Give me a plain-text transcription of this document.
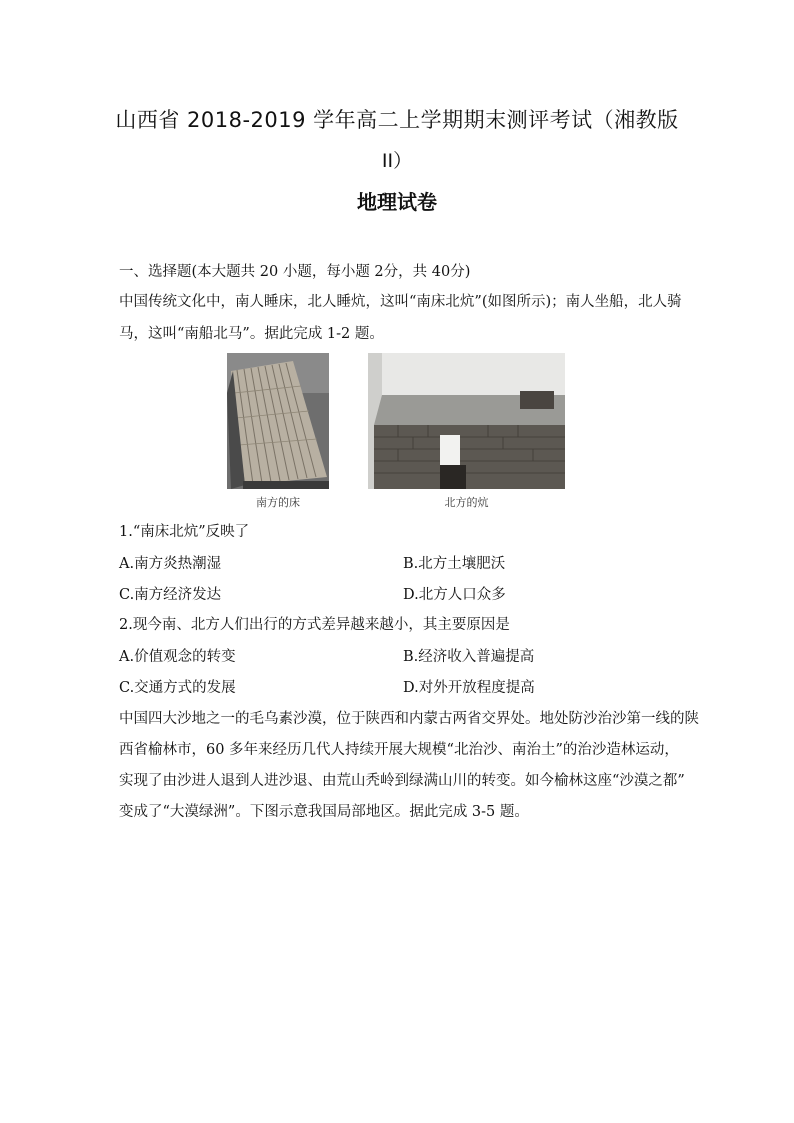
山西省 2018-2019 学年高二上学期期末测评考试（湘教版
II）
地理试卷
一、选择题(本大题共 20 小题，每小题 2分，共 40分)
中国传统文化中，南人睡床，北人睡炕，这叫“南床北炕”(如图所示)；南人坐船，北人骑
马，这叫“南船北马”。据此完成 1-2 题。
南方的床	北方的炕
1.“南床北炕”反映了
A.南方炎热潮湿	B.北方土壤肥沃
C.南方经济发达	D.北方人口众多
2.现今南、北方人们出行的方式差异越来越小，其主要原因是
A.价值观念的转变	B.经济收入普遍提高
C.交通方式的发展	D.对外开放程度提高
中国四大沙地之一的毛乌素沙漠，位于陕西和内蒙古两省交界处。地处防沙治沙第一线的陕
西省榆林市，60 多年来经历几代人持续开展大规模“北治沙、南治土”的治沙造林运动，
实现了由沙进人退到人进沙退、由荒山秃岭到绿满山川的转变。如今榆林这座“沙漠之都”
变成了“大漠绿洲”。下图示意我国局部地区。据此完成 3-5 题。
